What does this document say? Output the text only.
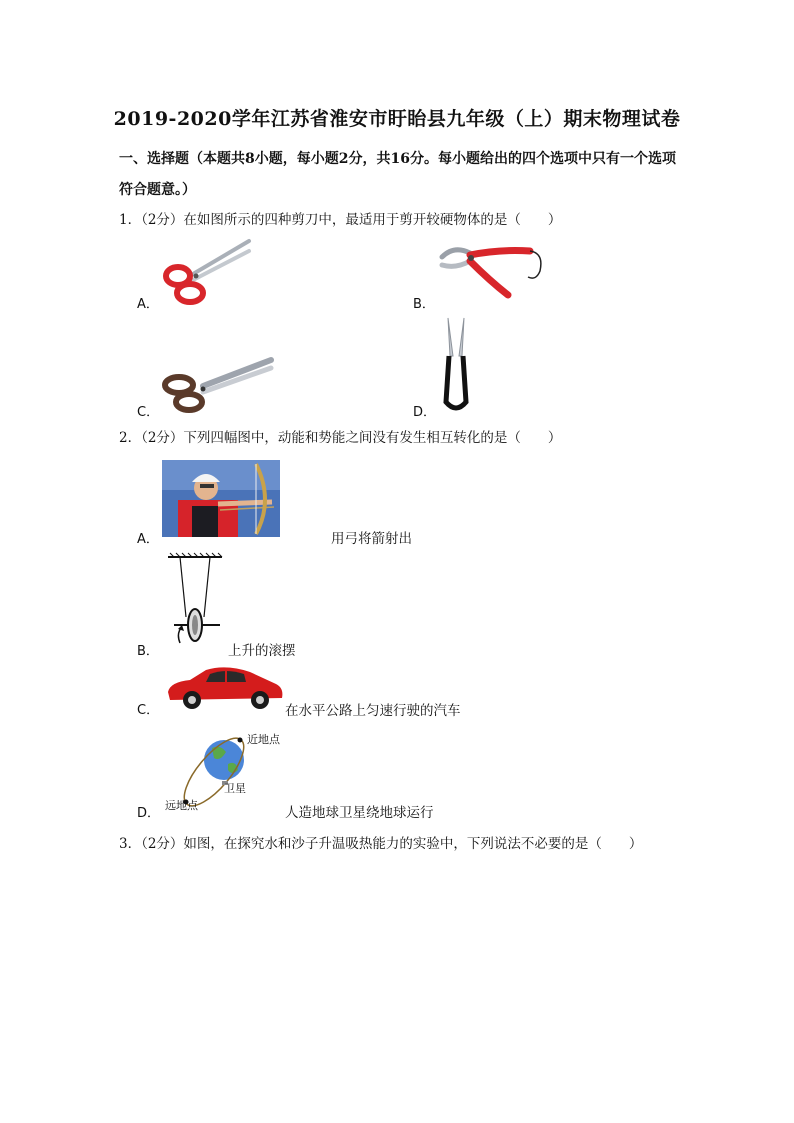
2019-2020学年江苏省淮安市盱眙县九年级（上）期末物理试卷
一、选择题（本题共8小题，每小题2分，共16分。每小题给出的四个选项中只有一个选项符合题意。）
1．（2分）在如图所示的四种剪刀中，最适用于剪开较硬物体的是（　　）
A．	B．
C．	D．
2．（2分）下列四幅图中，动能和势能之间没有发生相互转化的是（　　）
A．	用弓将箭射出
B．	上升的滚摆
C．	在水平公路上匀速行驶的汽车
D．
近地点
卫星
远地点	人造地球卫星绕地球运行
3．（2分）如图，在探究水和沙子升温吸热能力的实验中，下列说法不必要的是（　　）
